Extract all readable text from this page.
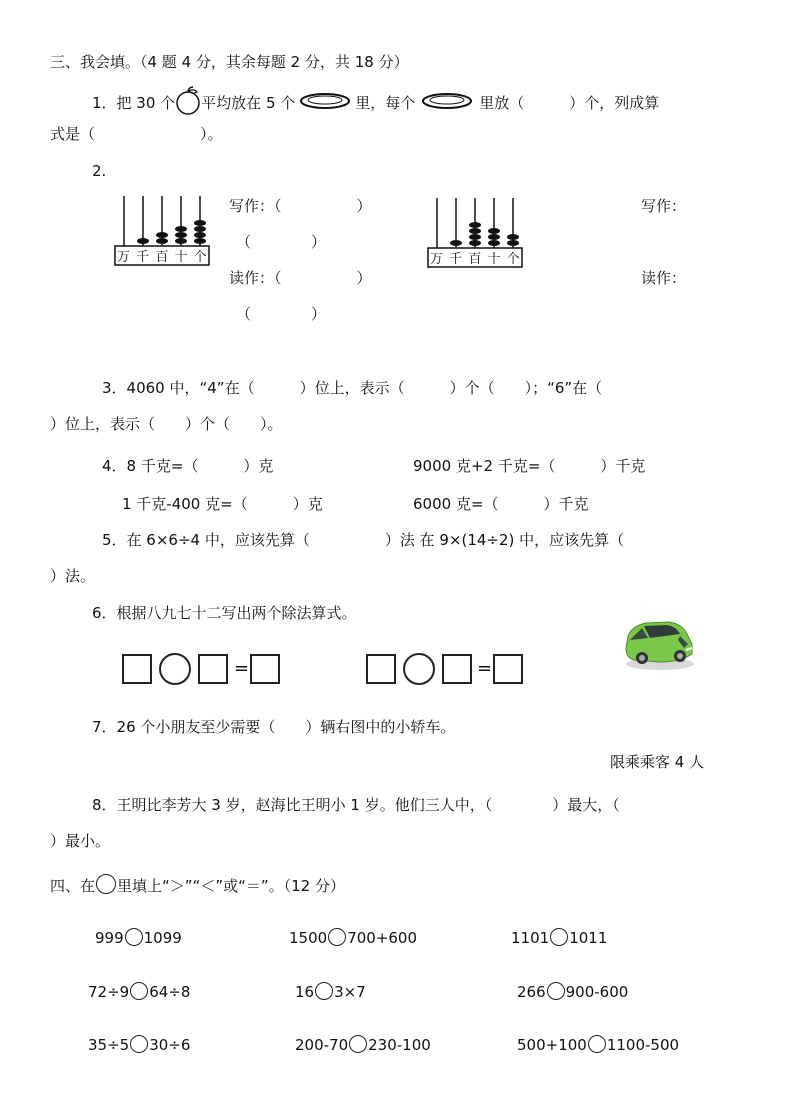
三、我会填。（4 题 4 分，其余每题 2 分，共 18 分）
1．把 30 个 平均放在 5 个	里，每个	里放（　　　）个，列成算
式是（　　　　　　　）。
2.
万 千 百 十 个
写作：（　　　　　）
（　　　　）
读作：（　　　　　）
（　　　　）
万 千 百 十 个
写作：
读作：
3．4060 中，“4”在（　　　）位上，表示（　　　）个（　　）；“6”在（
）位上，表示（　　）个（　　）。
4．8 千克=（　　　）克	9000 克+2 千克=（　　　）千克
1 千克-400 克=（　　　）克	6000 克=（　　　）千克
5．在 6×6÷4 中，应该先算（　　　　　）法 在 9×(14÷2) 中，应该先算（
）法。
6．根据八九七十二写出两个除法算式。
=	=
7．26 个小朋友至少需要（　　）辆右图中的小轿车。
限乘乘客 4 人
8．王明比李芳大 3 岁，赵海比王明小 1 岁。他们三人中，（　　　　）最大，（
）最小。
四、在 里填上“＞”“＜”或“＝”。（12 分）
999 1099	1500 700+600	1101 1011
72÷9 64÷8	16 3×7	266 900-600
35÷5 30÷6	200-70 230-100	500+100 1100-500
